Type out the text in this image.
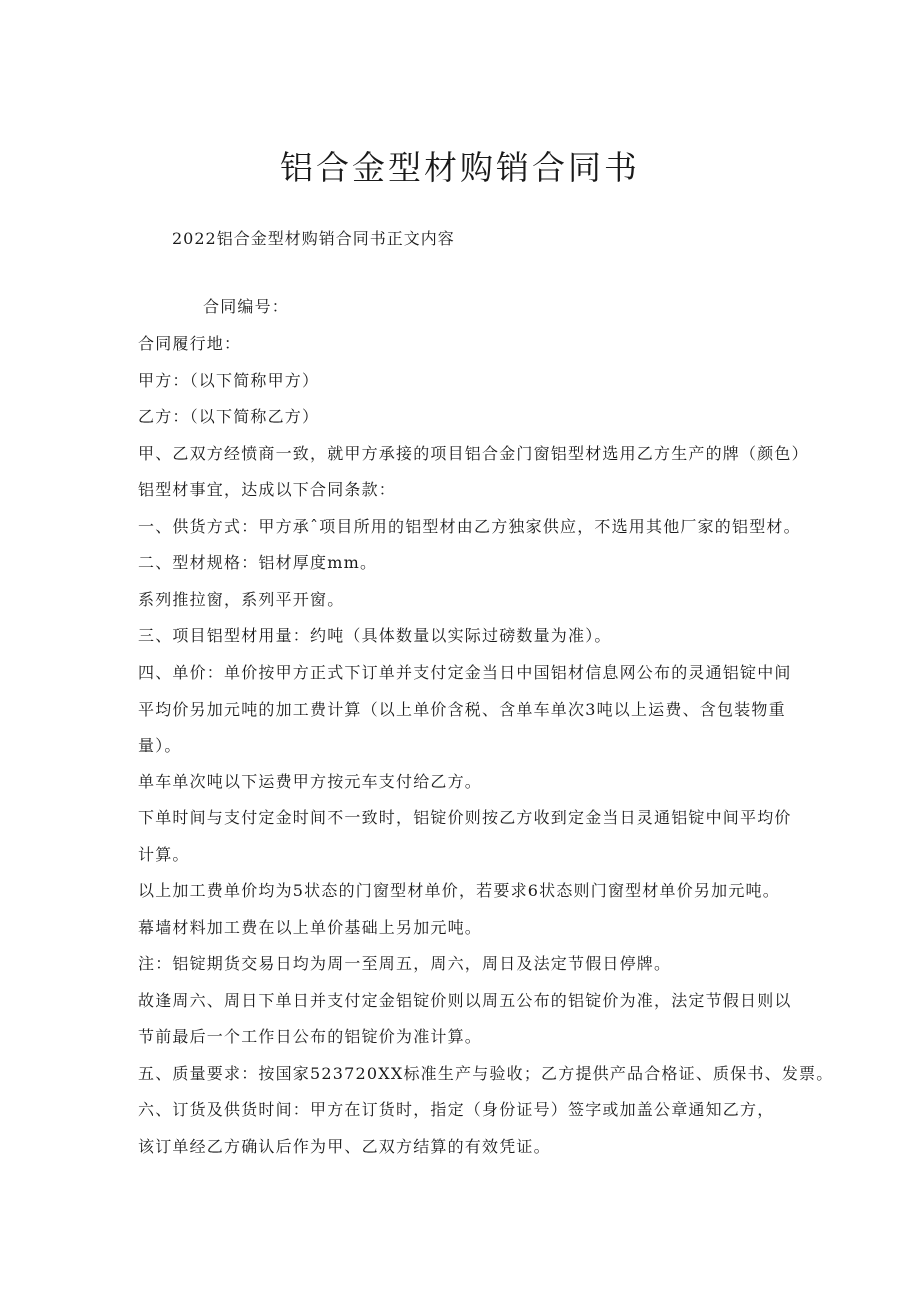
铝合金型材购销合同书

2022铝合金型材购销合同书正文内容

合同编号：

合同履行地：

甲方：（以下简称甲方）

乙方：（以下简称乙方）

甲、乙双方经愤商一致，就甲方承接的项目铝合金门窗铝型材选用乙方生产的牌（颜色）

铝型材事宜，达成以下合同条款：

一、供货方式：甲方承ˆ项目所用的铝型材由乙方独家供应，不选用其他厂家的铝型材。

二、型材规格：铝材厚度mm。

系列推拉窗，系列平开窗。

三、项目铝型材用量：约吨（具体数量以实际过磅数量为准）。

四、单价：单价按甲方正式下订单并支付定金当日中国铝材信息网公布的灵通铝锭中间

平均价另加元吨的加工费计算（以上单价含税、含单车单次3吨以上运费、含包装物重

量）。

单车单次吨以下运费甲方按元车支付给乙方。

下单时间与支付定金时间不一致时，铝锭价则按乙方收到定金当日灵通铝锭中间平均价

计算。

以上加工费单价均为5状态的门窗型材单价，若要求6状态则门窗型材单价另加元吨。

幕墙材料加工费在以上单价基础上另加元吨。

注：铝锭期货交易日均为周一至周五，周六，周日及法定节假日停牌。

故逢周六、周日下单日并支付定金铝锭价则以周五公布的铝锭价为准，法定节假日则以

节前最后一个工作日公布的铝锭价为准计算。

五、质量要求：按国家523720XX标准生产与验收；乙方提供产品合格证、质保书、发票。

六、订货及供货时间：甲方在订货时，指定（身份证号）签字或加盖公章通知乙方，

该订单经乙方确认后作为甲、乙双方结算的有效凭证。
